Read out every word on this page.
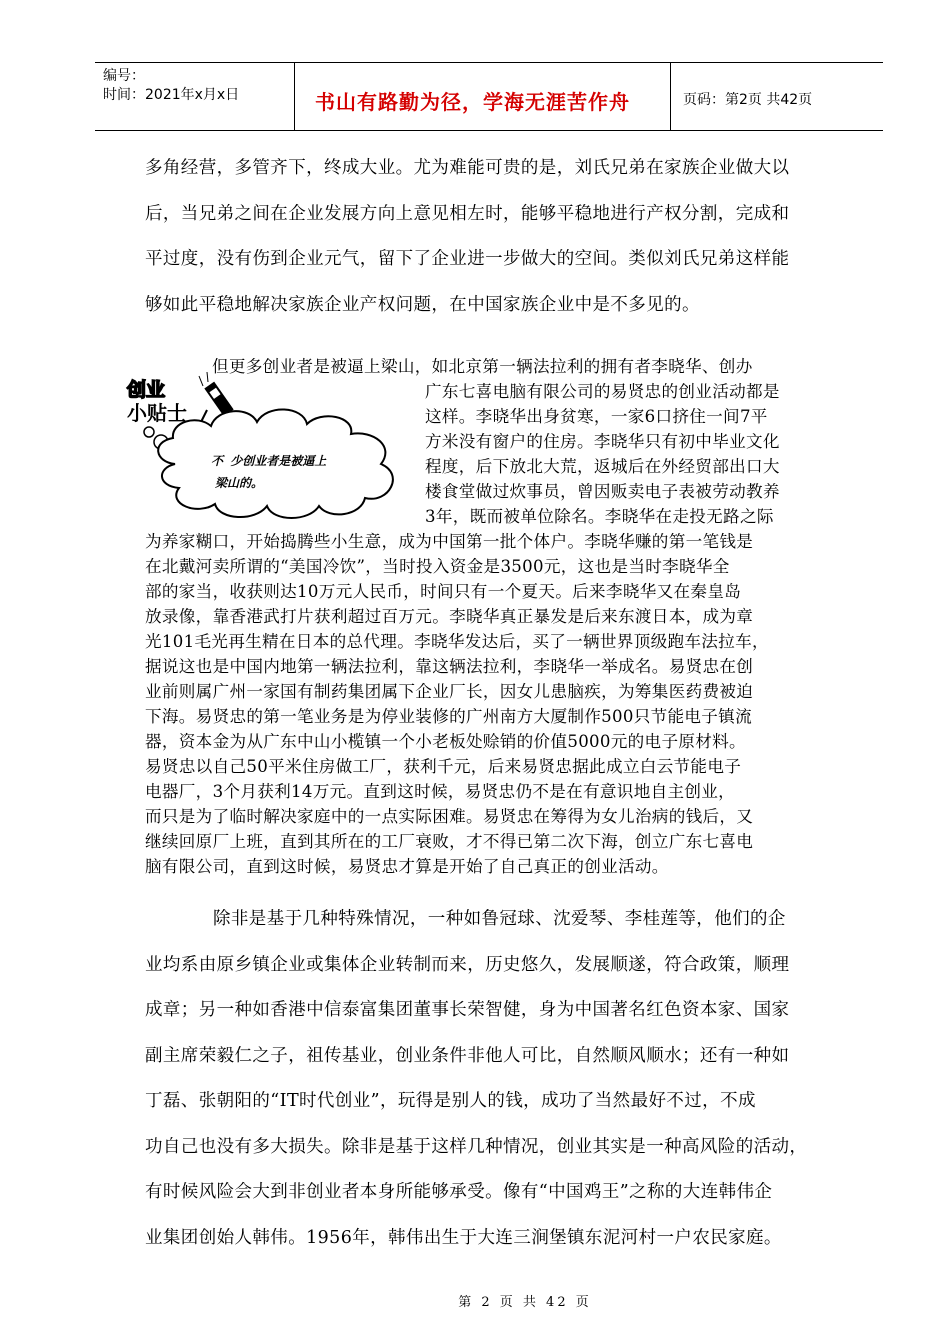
编号：
时间：2021年x月x日	书山有路勤为径，学海无涯苦作舟	页码：第2页 共42页

多角经营，多管齐下，终成大业。尤为难能可贵的是，刘氏兄弟在家族企业做大以

后，当兄弟之间在企业发展方向上意见相左时，能够平稳地进行产权分割，完成和

平过度，没有伤到企业元气，留下了企业进一步做大的空间。类似刘氏兄弟这样能

够如此平稳地解决家族企业产权问题，在中国家族企业中是不多见的。

创业
小贴士
不 少创业者是被逼上
梁山的。
但更多创业者是被逼上梁山，如北京第一辆法拉利的拥有者李晓华、创办
广东七喜电脑有限公司的易贤忠的创业活动都是
这样。李晓华出身贫寒，一家6口挤住一间7平
方米没有窗户的住房。李晓华只有初中毕业文化
程度，后下放北大荒，返城后在外经贸部出口大
楼食堂做过炊事员，曾因贩卖电子表被劳动教养
3年，既而被单位除名。李晓华在走投无路之际
为养家糊口，开始捣腾些小生意，成为中国第一批个体户。李晓华赚的第一笔钱是
在北戴河卖所谓的“美国冷饮”，当时投入资金是3500元，这也是当时李晓华全
部的家当，收获则达10万元人民币，时间只有一个夏天。后来李晓华又在秦皇岛
放录像，靠香港武打片获利超过百万元。李晓华真正暴发是后来东渡日本，成为章
光101毛光再生精在日本的总代理。李晓华发达后，买了一辆世界顶级跑车法拉车，
据说这也是中国内地第一辆法拉利，靠这辆法拉利，李晓华一举成名。易贤忠在创
业前则属广州一家国有制药集团属下企业厂长，因女儿患脑疾，为筹集医药费被迫
下海。易贤忠的第一笔业务是为停业装修的广州南方大厦制作500只节能电子镇流
器，资本金为从广东中山小榄镇一个小老板处赊销的价值5000元的电子原材料。
易贤忠以自己50平米住房做工厂，获利千元，后来易贤忠据此成立白云节能电子
电器厂，3个月获利14万元。直到这时候，易贤忠仍不是在有意识地自主创业，
而只是为了临时解决家庭中的一点实际困难。易贤忠在筹得为女儿治病的钱后，又
继续回原厂上班，直到其所在的工厂衰败，才不得已第二次下海，创立广东七喜电
脑有限公司，直到这时候，易贤忠才算是开始了自己真正的创业活动。

除非是基于几种特殊情况，一种如鲁冠球、沈爱琴、李桂莲等，他们的企

业均系由原乡镇企业或集体企业转制而来，历史悠久，发展顺遂，符合政策，顺理

成章；另一种如香港中信泰富集团董事长荣智健，身为中国著名红色资本家、国家

副主席荣毅仁之子，祖传基业，创业条件非他人可比，自然顺风顺水；还有一种如

丁磊、张朝阳的“IT时代创业”，玩得是别人的钱，成功了当然最好不过，不成

功自己也没有多大损失。除非是基于这样几种情况，创业其实是一种高风险的活动，

有时候风险会大到非创业者本身所能够承受。像有“中国鸡王”之称的大连韩伟企

业集团创始人韩伟。1956年，韩伟出生于大连三涧堡镇东泥河村一户农民家庭。

第 2 页 共 42 页
